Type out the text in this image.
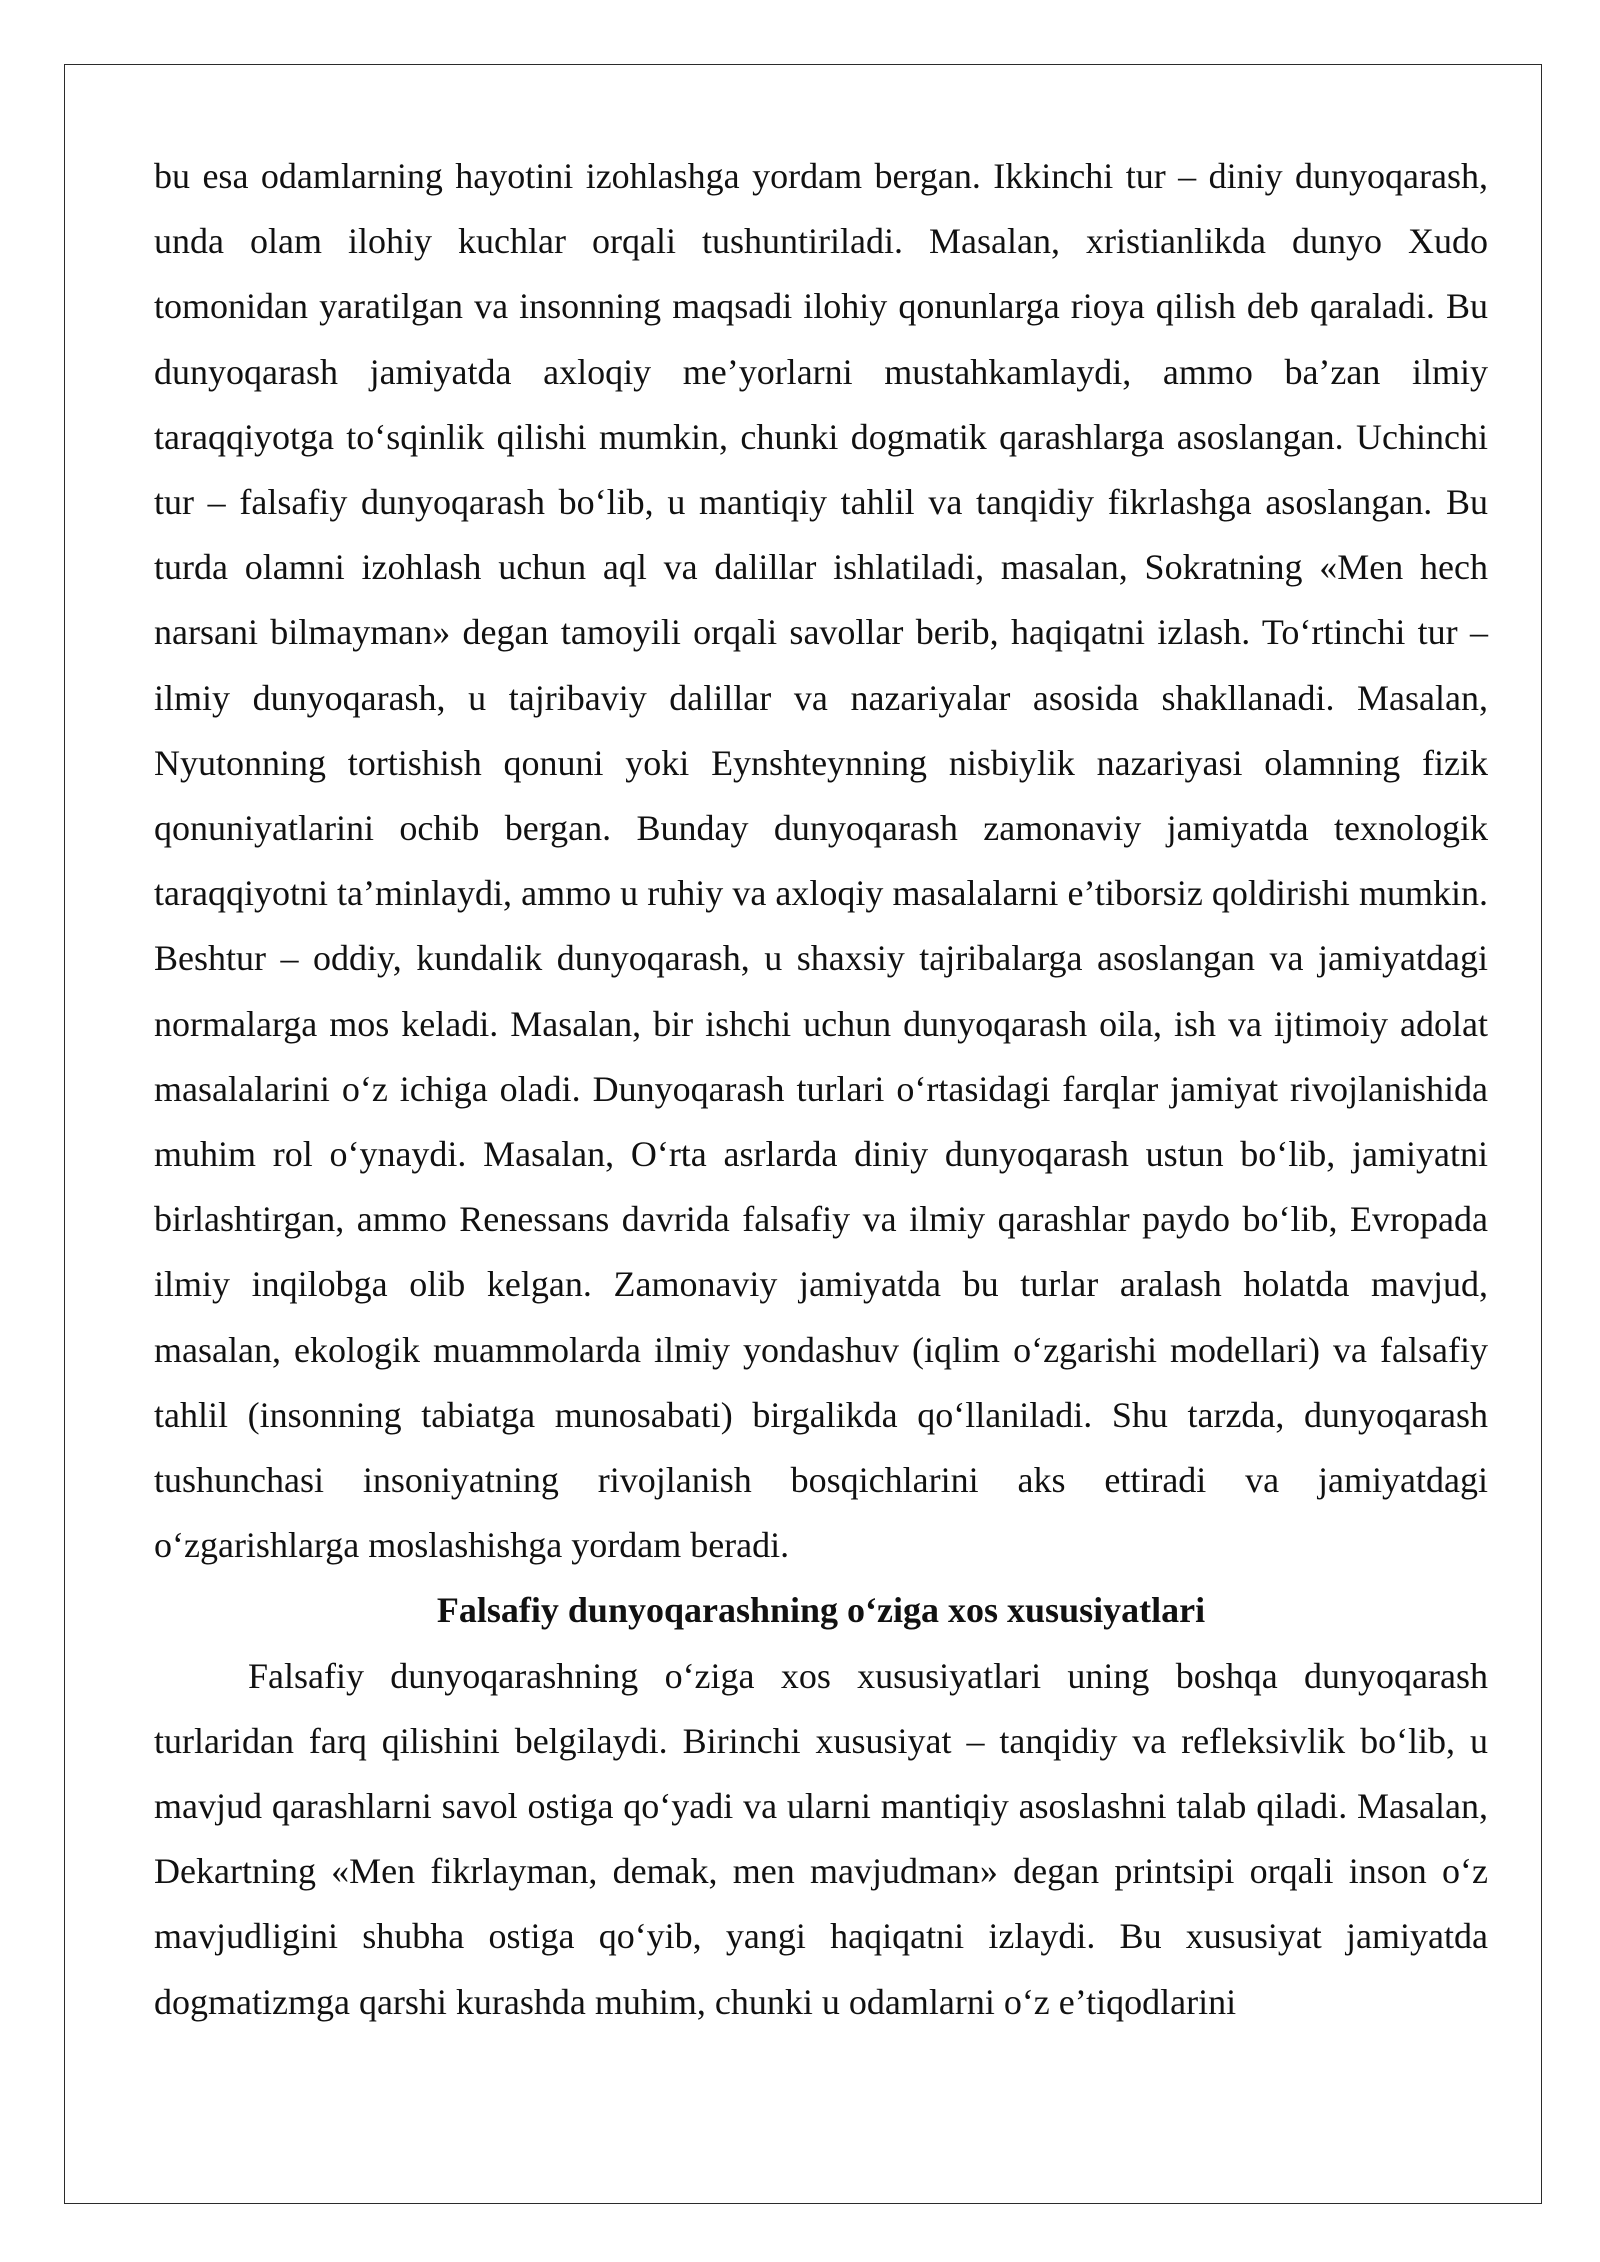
bu esa odamlarning hayotini izohlashga yordam bergan. Ikkinchi tur – diniy dunyoqarash, unda olam ilohiy kuchlar orqali tushuntiriladi. Masalan, xristianlikda dunyo Xudo tomonidan yaratilgan va insonning maqsadi ilohiy qonunlarga rioya qilish deb qaraladi. Bu dunyoqarash jamiyatda axloqiy me’yorlarni mustahkamlaydi, ammo ba’zan ilmiy taraqqiyotga to‘sqinlik qilishi mumkin, chunki dogmatik qarashlarga asoslangan. Uchinchi tur – falsafiy dunyoqarash bo‘lib, u mantiqiy tahlil va tanqidiy fikrlashga asoslangan. Bu turda olamni izohlash uchun aql va dalillar ishlatiladi, masalan, Sokratning «Men hech narsani bilmayman» degan tamoyili orqali savollar berib, haqiqatni izlash. To‘rtinchi tur – ilmiy dunyoqarash, u tajribaviy dalillar va nazariyalar asosida shakllanadi. Masalan, Nyutonning tortishish qonuni yoki Eynshteynning nisbiylik nazariyasi olamning fizik qonuniyatlarini ochib bergan. Bunday dunyoqarash zamonaviy jamiyatda texnologik taraqqiyotni ta’minlaydi, ammo u ruhiy va axloqiy masalalarni e’tiborsiz qoldirishi mumkin. Beshtur – oddiy, kundalik dunyoqarash, u shaxsiy tajribalarga asoslangan va jamiyatdagi normalarga mos keladi. Masalan, bir ishchi uchun dunyoqarash oila, ish va ijtimoiy adolat masalalarini o‘z ichiga oladi. Dunyoqarash turlari o‘rtasidagi farqlar jamiyat rivojlanishida muhim rol o‘ynaydi. Masalan, O‘rta asrlarda diniy dunyoqarash ustun bo‘lib, jamiyatni birlashtirgan, ammo Renessans davrida falsafiy va ilmiy qarashlar paydo bo‘lib, Evropada ilmiy inqilobga olib kelgan. Zamonaviy jamiyatda bu turlar aralash holatda mavjud, masalan, ekologik muammolarda ilmiy yondashuv (iqlim o‘zgarishi modellari) va falsafiy tahlil (insonning tabiatga munosabati) birgalikda qo‘llaniladi. Shu tarzda, dunyoqarash tushunchasi insoniyatning rivojlanish bosqichlarini aks ettiradi va jamiyatdagi o‘zgarishlarga moslashishga yordam beradi.

Falsafiy dunyoqarashning o‘ziga xos xususiyatlari

Falsafiy dunyoqarashning o‘ziga xos xususiyatlari uning boshqa dunyoqarash turlaridan farq qilishini belgilaydi. Birinchi xususiyat – tanqidiy va refleksivlik bo‘lib, u mavjud qarashlarni savol ostiga qo‘yadi va ularni mantiqiy asoslashni talab qiladi. Masalan, Dekartning «Men fikrlayman, demak, men mavjudman» degan printsipi orqali inson o‘z mavjudligini shubha ostiga qo‘yib, yangi haqiqatni izlaydi. Bu xususiyat jamiyatda dogmatizmga qarshi kurashda muhim, chunki u odamlarni o‘z e’tiqodlarini
